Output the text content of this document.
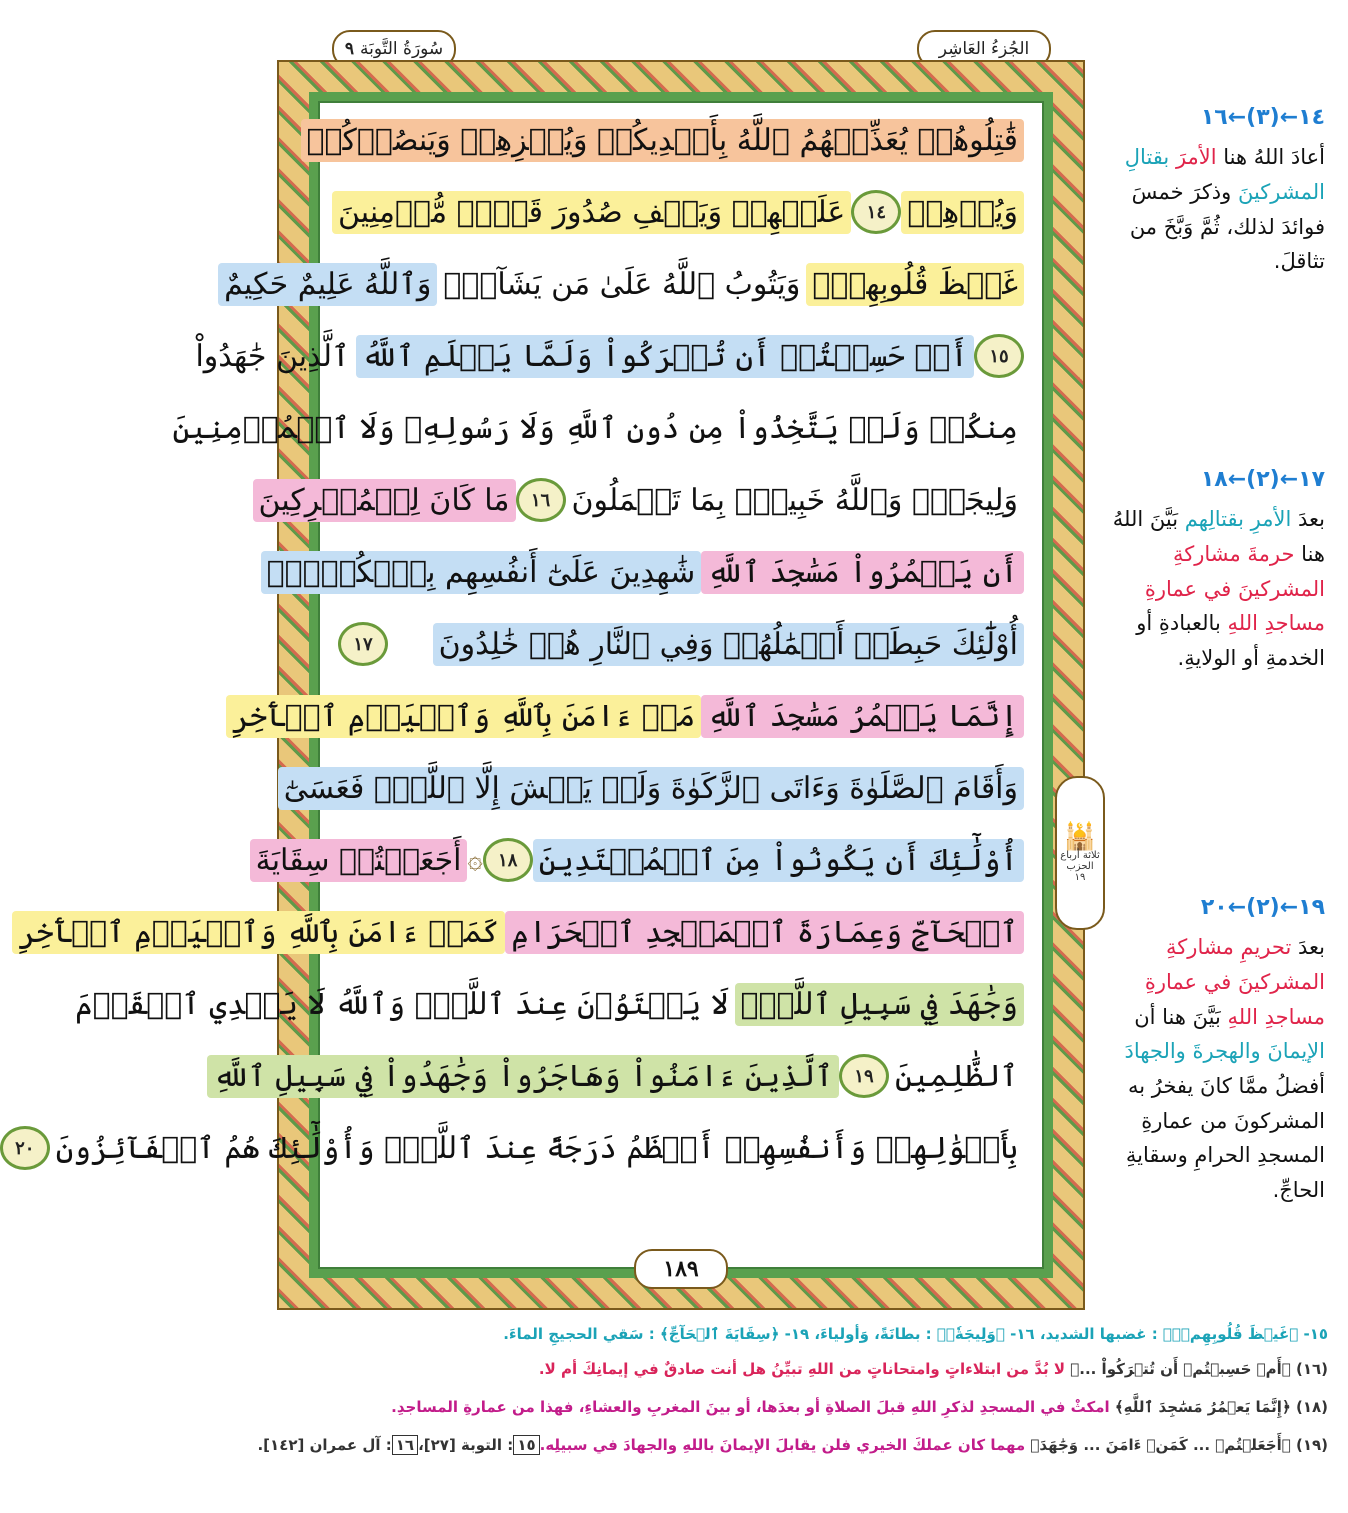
سُورَةُ التَّوبَة
٩	الجُزءُ العَاشِر
١٨٩
قَٰتِلُوهُمۡ يُعَذِّبۡهُمُ ٱللَّهُ بِأَيۡدِيكُمۡ وَيُخۡزِهِمۡ وَيَنصُرۡكُمۡ
وَيُذۡهِبۡ
١٤
عَلَيۡهِمۡ وَيَشۡفِ صُدُورَ قَوۡمٖ مُّؤۡمِنِينَ
غَيۡظَ قُلُوبِهِمۡۗ
وَيَتُوبُ ٱللَّهُ عَلَىٰ مَن يَشَآءُۗ
وَٱللَّهُ عَلِيمٌ حَكِيمٌ
١٥
أَمۡ حَسِبۡتُمۡ أَن تُتۡرَكُواْ وَلَمَّا يَعۡلَمِ ٱللَّهُ
ٱلَّذِينَ جَٰهَدُواْ
مِنكُمۡ وَلَمۡ يَتَّخِذُواْ مِن دُونِ ٱللَّهِ وَلَا رَسُولِهِۦ وَلَا ٱلۡمُؤۡمِنِينَ
وَلِيجَةٗۚ وَٱللَّهُ خَبِيرُۢ بِمَا تَعۡمَلُونَ
١٦
مَا كَانَ لِلۡمُشۡرِكِينَ
أَن يَعۡمُرُواْ مَسَٰجِدَ ٱللَّهِ
شَٰهِدِينَ عَلَىٰٓ أَنفُسِهِم بِٱلۡكُفۡرِۚ
أُوْلَٰٓئِكَ حَبِطَتۡ أَعۡمَٰلُهُمۡ وَفِي ٱلنَّارِ هُمۡ خَٰلِدُونَ
١٧
إِنَّمَا يَعۡمُرُ مَسَٰجِدَ ٱللَّهِ
مَنۡ ءَامَنَ بِٱللَّهِ وَٱلۡيَوۡمِ ٱلۡأٓخِرِ
وَأَقَامَ ٱلصَّلَوٰةَ وَءَاتَى ٱلزَّكَوٰةَ وَلَمۡ يَخۡشَ إِلَّا ٱللَّهَۖ فَعَسَىٰٓ
أُوْلَٰٓئِكَ أَن يَكُونُواْ مِنَ ٱلۡمُهۡتَدِينَ
١٨
۞
أَجَعَلۡتُمۡ سِقَايَةَ
ٱلۡحَآجِّ وَعِمَارَةَ ٱلۡمَسۡجِدِ ٱلۡحَرَامِ
كَمَنۡ ءَامَنَ بِٱللَّهِ وَٱلۡيَوۡمِ ٱلۡأٓخِرِ
وَجَٰهَدَ فِي سَبِيلِ ٱللَّهِۚ
لَا يَسۡتَوُۥنَ عِندَ ٱللَّهِۗ وَٱللَّهُ لَا يَهۡدِي ٱلۡقَوۡمَ
ٱلظَّٰلِمِينَ
١٩
ٱلَّذِينَ ءَامَنُواْ وَهَاجَرُواْ وَجَٰهَدُواْ فِي سَبِيلِ ٱللَّهِ
بِأَمۡوَٰلِهِمۡ وَأَنفُسِهِمۡ أَعۡظَمُ دَرَجَةً عِندَ ٱللَّهِۚ وَأُوْلَٰٓئِكَ هُمُ ٱلۡفَآئِزُونَ
٢٠
🕌
ثلاثة أرباع الحزب
١٩
١٤←(٣)←١٦

أعادَ اللهُ هنا الأمرَ بقتالِ المشركينَ وذكرَ خمسَ فوائدَ لذلك، ثُمَّ وَبَّخَ من تثاقلَ.

١٧←(٢)←١٨

بعدَ الأمرِ بقتالِهم بَيَّنَ اللهُ هنا حرمةَ مشاركةِ المشركينَ في عمارةِ مساجدِ اللهِ بالعبادةِ أو الخدمةِ أو الولايةِ.

١٩←(٢)←٢٠

بعدَ تحريمِ مشاركةِ المشركينَ في عمارةِ مساجدِ اللهِ بَيَّنَ هنا أن الإيمانَ والهجرةَ والجهادَ أفضلُ ممَّا كانَ يفخرُ به المشركونَ من عمارةِ المسجدِ الحرامِ وسقايةِ الحاجِّ.

١٥- ﴿غَيۡظَ قُلُوبِهِمۡۗ﴾ : غضبها الشديد، ١٦- ﴿وَلِيجَةٗۚ﴾ : بطانَةً، وَأولياءَ، ١٩- ﴿سِقَايَةَ ٱلۡحَآجِّ﴾ : سَقي الحجيجِ الماءَ.
(١٦) ﴿أَمۡ حَسِبۡتُمۡ أَن تُتۡرَكُواْ ...﴾ لا بُدَّ من ابتلاءاتٍ وامتحاناتٍ من اللهِ تبيِّنُ هل أنت صادقٌ في إيمانِكَ أم لا.
(١٨) ﴿إِنَّمَا يَعۡمُرُ مَسَٰجِدَ ٱللَّهِ﴾ امكثْ في المسجدِ لذكرِ اللهِ قبلَ الصلاةِ أو بعدَها، أو بينَ المغربِ والعشاءِ، فهذا من عمارةِ المساجدِ.
(١٩) ﴿أَجَعَلۡتُمۡ ... كَمَنۡ ءَامَنَ ... وَجَٰهَدَ﴾ مهما كان عملكَ الخيري فلن يقابلَ الإيمانَ باللهِ والجهادَ في سبيلِه.١٥: التوبة [٢٧]،١٦: آل عمران [١٤٢].
